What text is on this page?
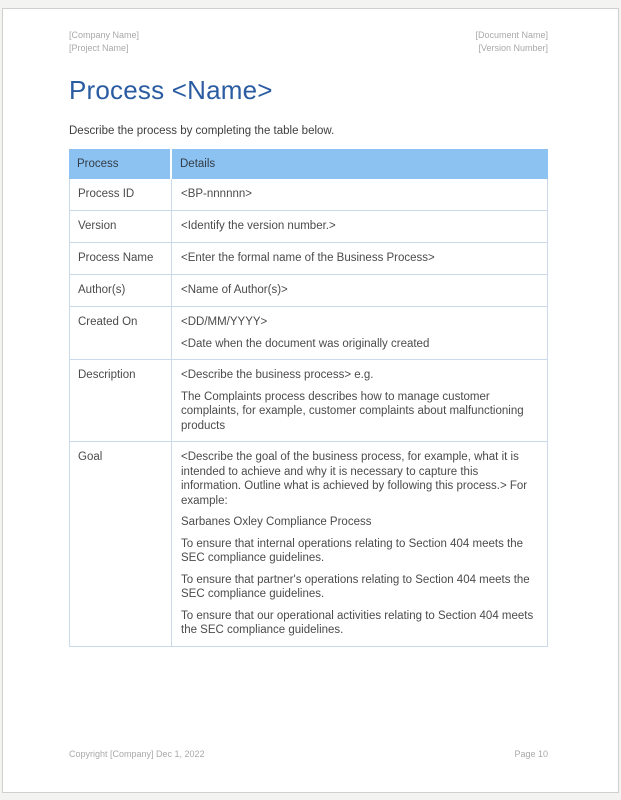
[Company Name]
[Project Name]
[Document Name]
[Version Number]
Process <Name>

Describe the process by completing the table below.

Process	Details
Process ID	<BP-nnnnnn>

Version	<Identify the version number.>

Process Name	<Enter the formal name of the Business Process>

Author(s)	<Name of Author(s)>

Created On	<DD/MM/YYYY>

<Date when the document was originally created

Description	<Describe the business process> e.g.

The Complaints process describes how to manage customer complaints, for example, customer complaints about malfunctioning products

Goal	<Describe the goal of the business process, for example, what it is intended to achieve and why it is necessary to capture this information. Outline what is achieved by following this process.> For example:

Sarbanes Oxley Compliance Process

To ensure that internal operations relating to Section 404 meets the SEC compliance guidelines.

To ensure that partner's operations relating to Section 404 meets the SEC compliance guidelines.

To ensure that our operational activities relating to Section 404 meets the SEC compliance guidelines.

Copyright [Company] Dec 1, 2022	Page 10
